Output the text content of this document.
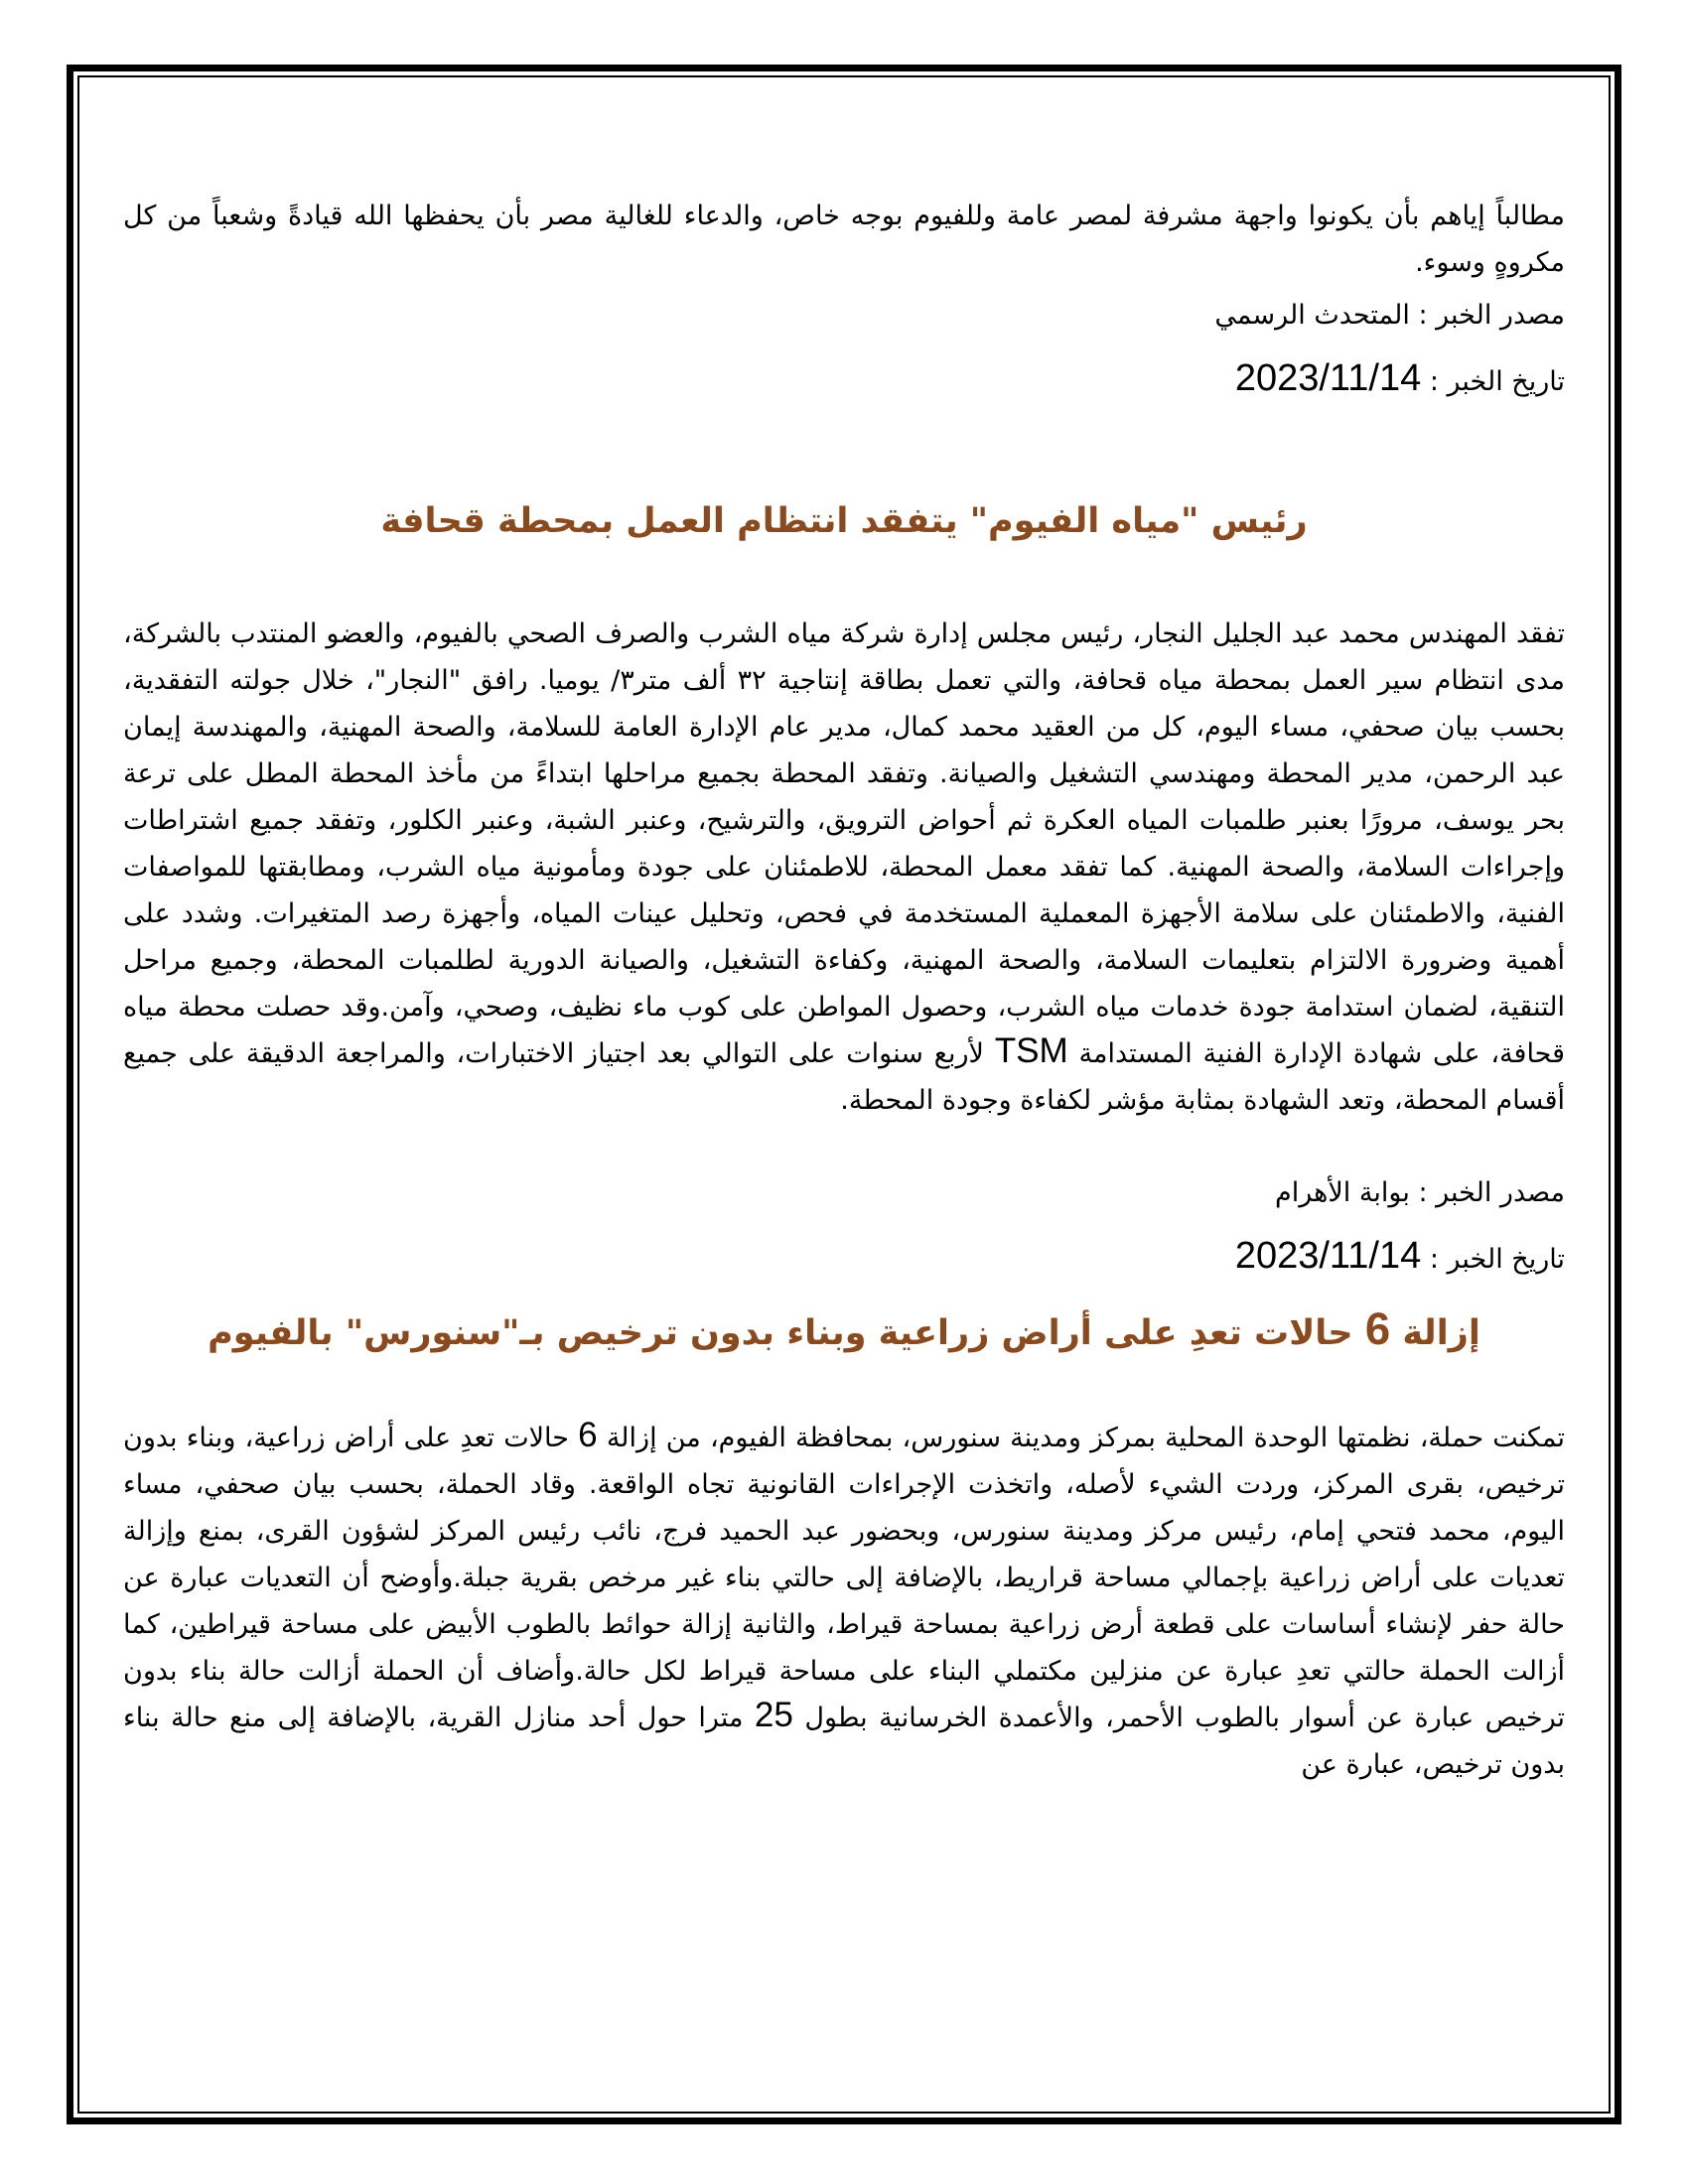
مطالباً إياهم بأن يكونوا واجهة مشرفة لمصر عامة وللفيوم بوجه خاص، والدعاء للغالية مصر بأن يحفظها الله قيادةً وشعباً من كل مكروهٍ وسوء.

مصدر الخبر : المتحدث الرسمي

تاريخ الخبر : 2023/11/14

رئيس "مياه الفيوم" يتفقد انتظام العمل بمحطة قحافة

تفقد المهندس محمد عبد الجليل النجار، رئيس مجلس إدارة شركة مياه الشرب والصرف الصحي بالفيوم، والعضو المنتدب بالشركة، مدى انتظام سير العمل بمحطة مياه قحافة، والتي تعمل بطاقة إنتاجية ٣٢ ألف متر٣/ يوميا. رافق "النجار"، خلال جولته التفقدية، بحسب بيان صحفي، مساء اليوم، كل من العقيد محمد كمال، مدير عام الإدارة العامة للسلامة، والصحة المهنية، والمهندسة إيمان عبد الرحمن، مدير المحطة ومهندسي التشغيل والصيانة. وتفقد المحطة بجميع مراحلها ابتداءً من مأخذ المحطة المطل على ترعة بحر يوسف، مرورًا بعنبر طلمبات المياه العكرة ثم أحواض الترويق، والترشيح، وعنبر الشبة، وعنبر الكلور، وتفقد جميع اشتراطات وإجراءات السلامة، والصحة المهنية. كما تفقد معمل المحطة، للاطمئنان على جودة ومأمونية مياه الشرب، ومطابقتها للمواصفات الفنية، والاطمئنان على سلامة الأجهزة المعملية المستخدمة في فحص، وتحليل عينات المياه، وأجهزة رصد المتغيرات. وشدد على أهمية وضرورة الالتزام بتعليمات السلامة، والصحة المهنية، وكفاءة التشغيل، والصيانة الدورية لطلمبات المحطة، وجميع مراحل التنقية، لضمان استدامة جودة خدمات مياه الشرب، وحصول المواطن على كوب ماء نظيف، وصحي، وآمن.وقد حصلت محطة مياه قحافة، على شهادة الإدارة الفنية المستدامة TSM لأربع سنوات على التوالي بعد اجتياز الاختبارات، والمراجعة الدقيقة على جميع أقسام المحطة، وتعد الشهادة بمثابة مؤشر لكفاءة وجودة المحطة.

مصدر الخبر : بوابة الأهرام

تاريخ الخبر : 2023/11/14

إزالة 6 حالات تعدِ على أراض زراعية وبناء بدون ترخيص بـ"سنورس" بالفيوم

تمكنت حملة، نظمتها الوحدة المحلية بمركز ومدينة سنورس، بمحافظة الفيوم، من إزالة 6 حالات تعدِ على أراض زراعية، وبناء بدون ترخيص، بقرى المركز، وردت الشيء لأصله، واتخذت الإجراءات القانونية تجاه الواقعة. وقاد الحملة، بحسب بيان صحفي، مساء اليوم، محمد فتحي إمام، رئيس مركز ومدينة سنورس، وبحضور عبد الحميد فرج، نائب رئيس المركز لشؤون القرى، بمنع وإزالة تعديات على أراض زراعية بإجمالي مساحة قراريط، بالإضافة إلى حالتي بناء غير مرخص بقرية جبلة.وأوضح أن التعديات عبارة عن حالة حفر لإنشاء أساسات على قطعة أرض زراعية بمساحة قيراط، والثانية إزالة حوائط بالطوب الأبيض على مساحة قيراطين، كما أزالت الحملة حالتي تعدِ عبارة عن منزلين مكتملي البناء على مساحة قيراط لكل حالة.وأضاف أن الحملة أزالت حالة بناء بدون ترخيص عبارة عن أسوار بالطوب الأحمر، والأعمدة الخرسانية بطول 25 مترا حول أحد منازل القرية، بالإضافة إلى منع حالة بناء بدون ترخيص، عبارة عن
